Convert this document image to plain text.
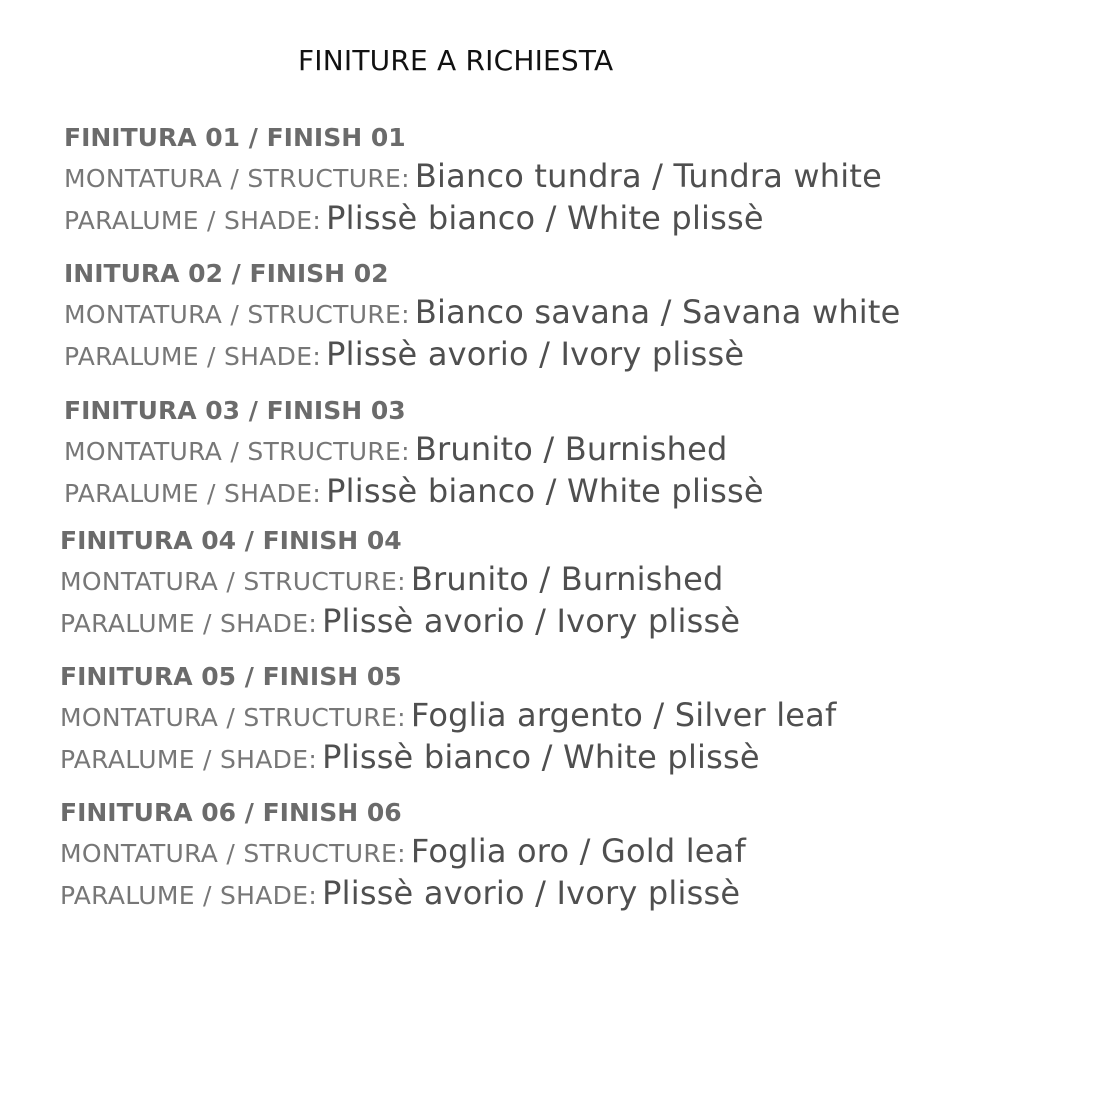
FINITURE A RICHIESTA
FINITURA 01 / FINISH 01
MONTATURA / STRUCTURE: Bianco tundra / Tundra white
PARALUME / SHADE: Plissè bianco / White plissè
INITURA 02 / FINISH 02
MONTATURA / STRUCTURE: Bianco savana / Savana white
PARALUME / SHADE: Plissè avorio / Ivory plissè
FINITURA 03 / FINISH 03
MONTATURA / STRUCTURE: Brunito / Burnished
PARALUME / SHADE: Plissè bianco / White plissè
FINITURA 04 / FINISH 04
MONTATURA / STRUCTURE: Brunito / Burnished
PARALUME / SHADE: Plissè avorio / Ivory plissè
FINITURA 05 / FINISH 05
MONTATURA / STRUCTURE: Foglia argento / Silver leaf
PARALUME / SHADE: Plissè bianco / White plissè
FINITURA 06 / FINISH 06
MONTATURA / STRUCTURE: Foglia oro / Gold leaf
PARALUME / SHADE: Plissè avorio / Ivory plissè
